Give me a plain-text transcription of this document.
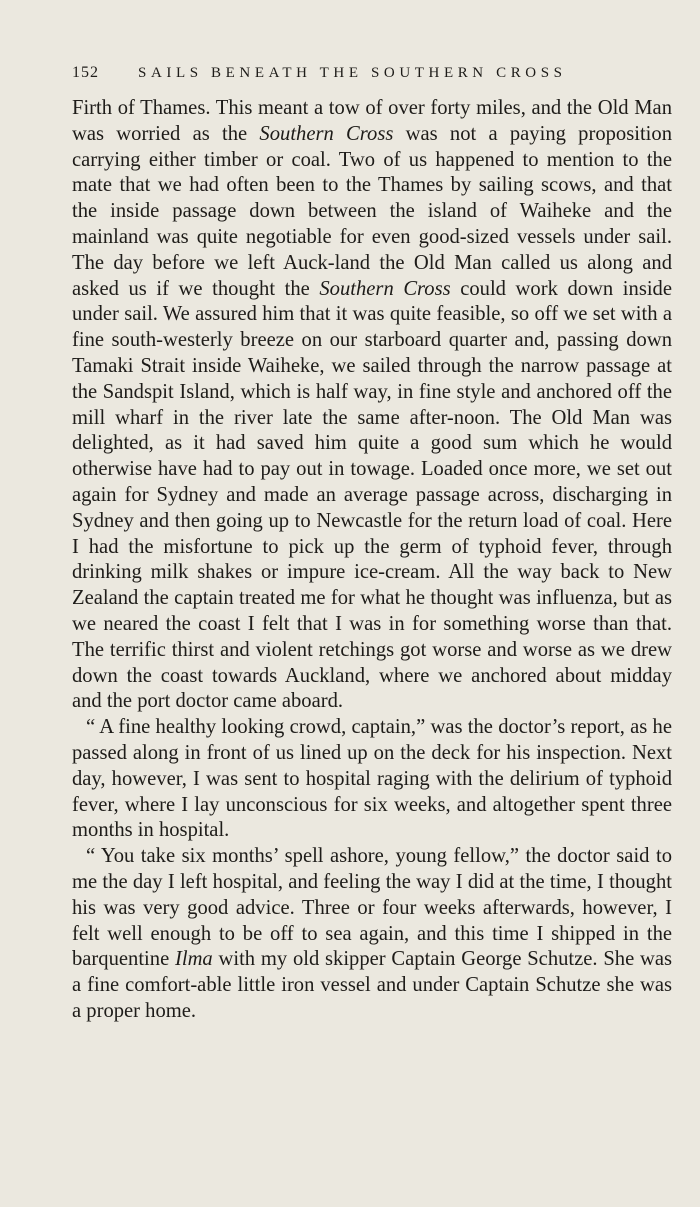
152	SAILS BENEATH THE SOUTHERN CROSS

Firth of Thames. This meant a tow of over forty miles, and the Old Man was worried as the Southern Cross was not a paying proposition carrying either timber or coal. Two of us happened to mention to the mate that we had often been to the Thames by sailing scows, and that the inside passage down between the island of Waiheke and the mainland was quite negotiable for even good-sized vessels under sail. The day before we left Auck-land the Old Man called us along and asked us if we thought the Southern Cross could work down inside under sail. We assured him that it was quite feasible, so off we set with a fine south-westerly breeze on our starboard quarter and, passing down Tamaki Strait inside Waiheke, we sailed through the narrow passage at the Sandspit Island, which is half way, in fine style and anchored off the mill wharf in the river late the same after-noon. The Old Man was delighted, as it had saved him quite a good sum which he would otherwise have had to pay out in towage. Loaded once more, we set out again for Sydney and made an average passage across, discharging in Sydney and then going up to Newcastle for the return load of coal. Here I had the misfortune to pick up the germ of typhoid fever, through drinking milk shakes or impure ice-cream. All the way back to New Zealand the captain treated me for what he thought was influenza, but as we neared the coast I felt that I was in for something worse than that. The terrific thirst and violent retchings got worse and worse as we drew down the coast towards Auckland, where we anchored about midday and the port doctor came aboard.

“ A fine healthy looking crowd, captain,” was the doctor’s report, as he passed along in front of us lined up on the deck for his inspection. Next day, however, I was sent to hospital raging with the delirium of typhoid fever, where I lay unconscious for six weeks, and altogether spent three months in hospital.

“ You take six months’ spell ashore, young fellow,” the doctor said to me the day I left hospital, and feeling the way I did at the time, I thought his was very good advice. Three or four weeks afterwards, however, I felt well enough to be off to sea again, and this time I shipped in the barquentine Ilma with my old skipper Captain George Schutze. She was a fine comfort-able little iron vessel and under Captain Schutze she was a proper home.
